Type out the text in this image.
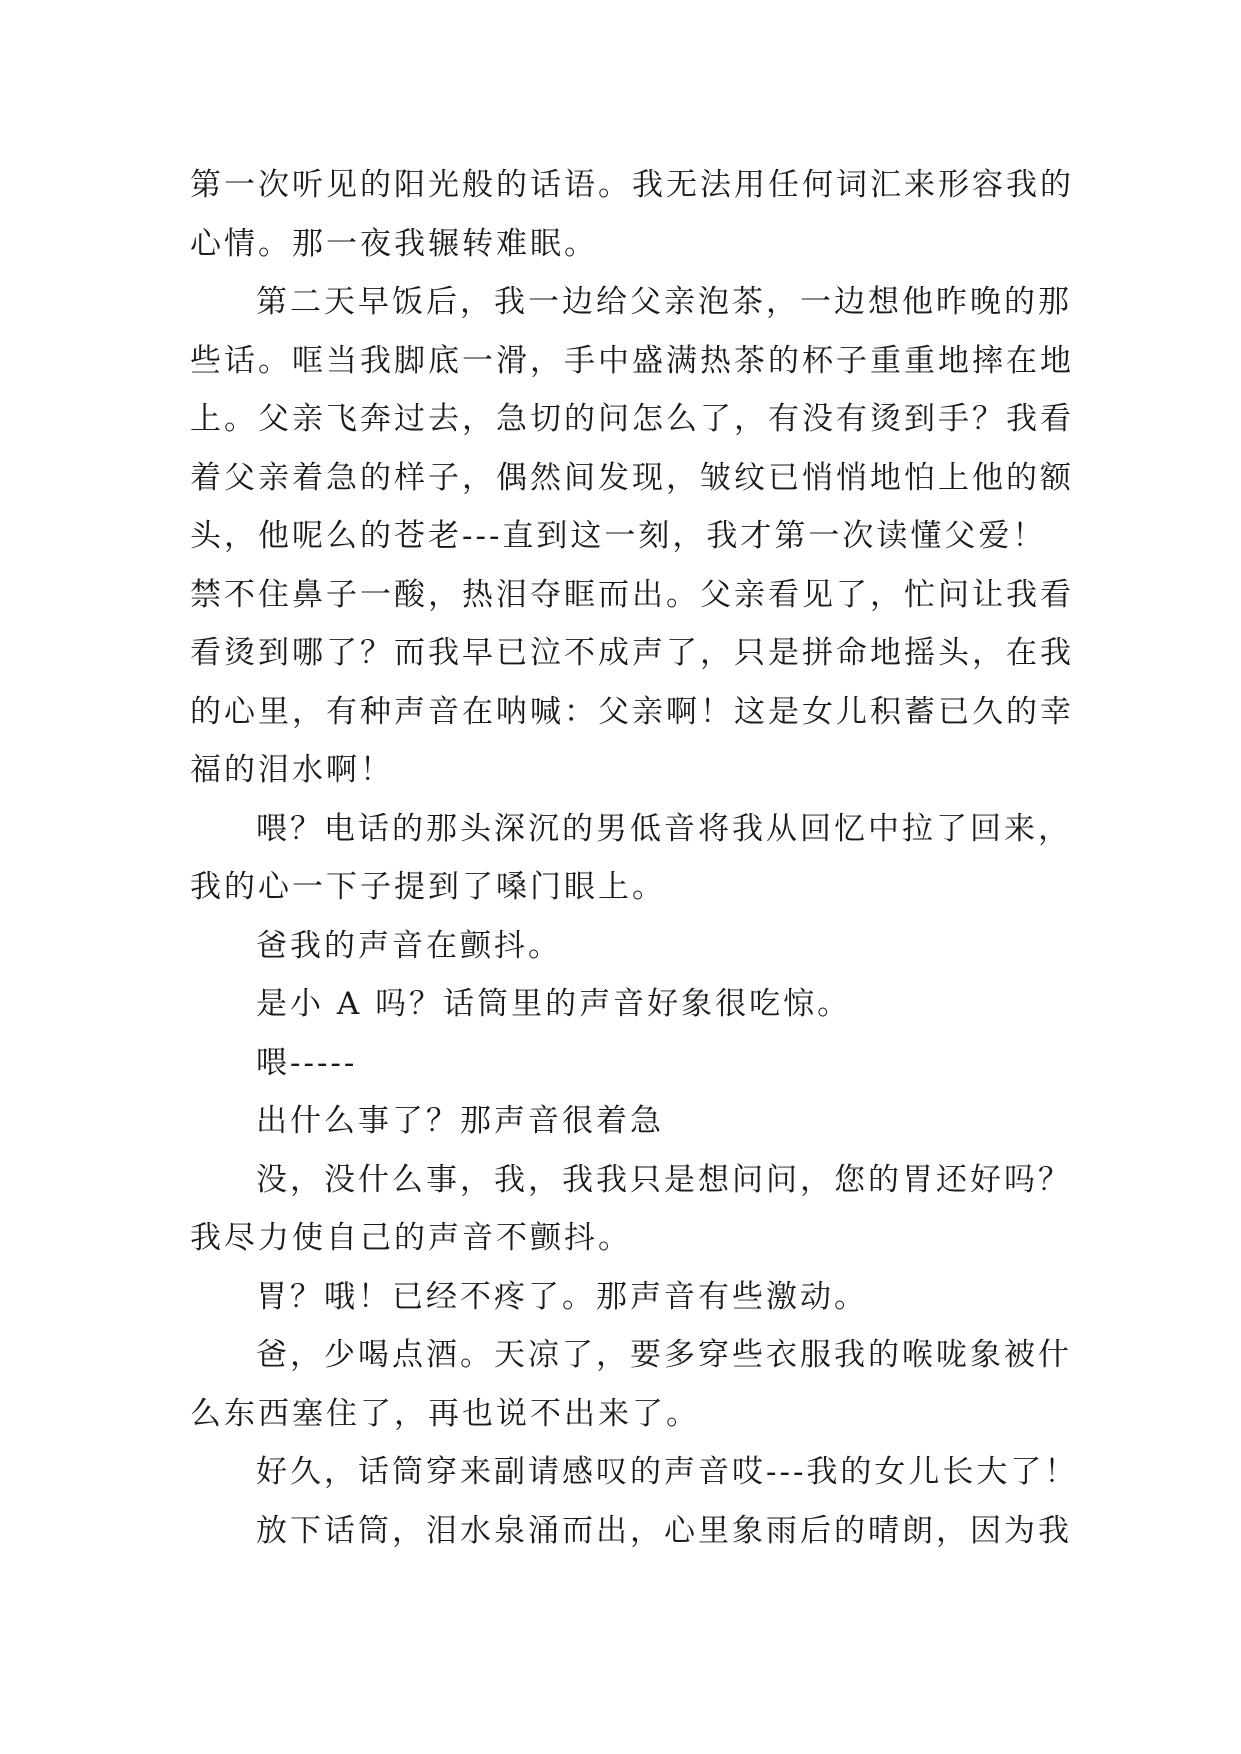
第一次听见的阳光般的话语。我无法用任何词汇来形容我的
心情。那一夜我辗转难眠。
第二天早饭后，我一边给父亲泡茶，一边想他昨晚的那
些话。哐当我脚底一滑，手中盛满热茶的杯子重重地摔在地
上。父亲飞奔过去，急切的问怎么了，有没有烫到手？我看
着父亲着急的样子，偶然间发现，皱纹已悄悄地怕上他的额
头，他呢么的苍老---直到这一刻，我才第一次读懂父爱！
禁不住鼻子一酸，热泪夺眶而出。父亲看见了，忙问让我看
看烫到哪了？而我早已泣不成声了，只是拼命地摇头，在我
的心里，有种声音在呐喊：父亲啊！这是女儿积蓄已久的幸
福的泪水啊！
喂？电话的那头深沉的男低音将我从回忆中拉了回来，
我的心一下子提到了嗓门眼上。
爸我的声音在颤抖。
是小 A 吗？话筒里的声音好象很吃惊。
喂-----
出什么事了？那声音很着急
没，没什么事，我，我我只是想问问，您的胃还好吗？
我尽力使自己的声音不颤抖。
胃？哦！已经不疼了。那声音有些激动。
爸，少喝点酒。天凉了，要多穿些衣服我的喉咙象被什
么东西塞住了，再也说不出来了。
好久，话筒穿来副请感叹的声音哎---我的女儿长大了！
放下话筒，泪水泉涌而出，心里象雨后的晴朗，因为我
